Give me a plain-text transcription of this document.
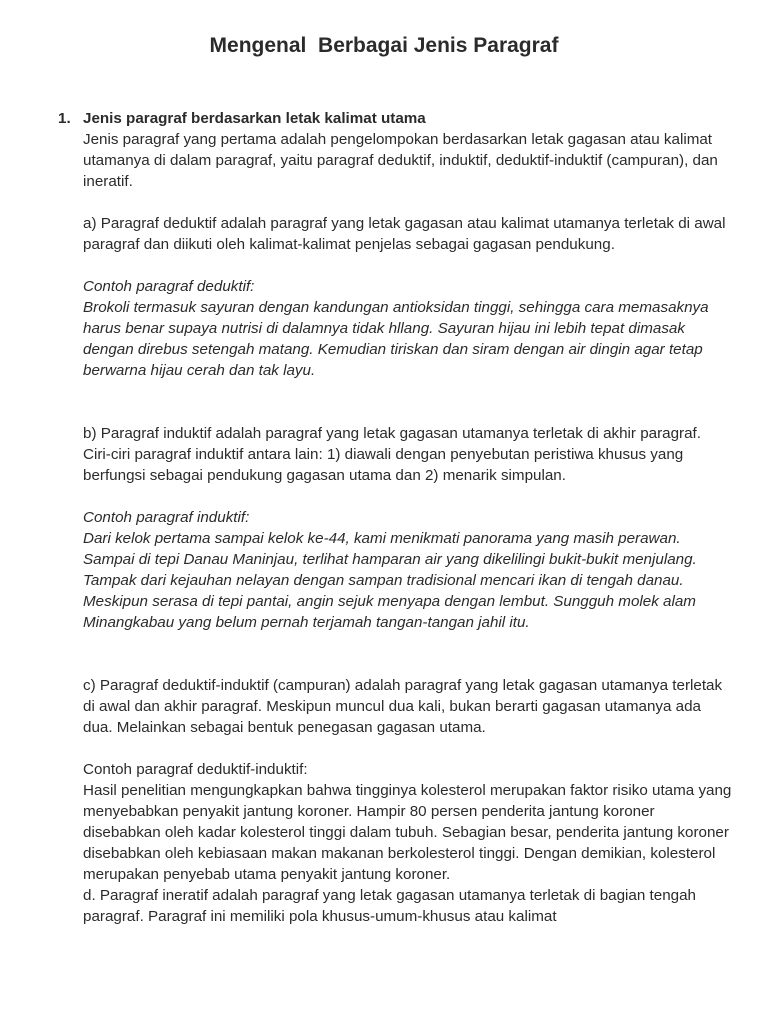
Mengenal  Berbagai Jenis Paragraf
1. Jenis paragraf berdasarkan letak kalimat utama

Jenis paragraf yang pertama adalah pengelompokan berdasarkan letak gagasan atau kalimat utamanya di dalam paragraf, yaitu paragraf deduktif, induktif, deduktif-induktif (campuran), dan ineratif.

a) Paragraf deduktif adalah paragraf yang letak gagasan atau kalimat utamanya terletak di awal paragraf dan diikuti oleh kalimat-kalimat penjelas sebagai gagasan pendukung.

Contoh paragraf deduktif:

Brokoli termasuk sayuran dengan kandungan antioksidan tinggi, sehingga cara memasaknya harus benar supaya nutrisi di dalamnya tidak hllang. Sayuran hijau ini lebih tepat dimasak dengan direbus setengah matang. Kemudian tiriskan dan siram dengan air dingin agar tetap berwarna hijau cerah dan tak layu.

b) Paragraf induktif adalah paragraf yang letak gagasan utamanya terletak di akhir paragraf. Ciri-ciri paragraf induktif antara lain: 1) diawali dengan penyebutan peristiwa khusus yang berfungsi sebagai pendukung gagasan utama dan 2) menarik simpulan.

Contoh paragraf induktif:

Dari kelok pertama sampai kelok ke-44, kami menikmati panorama yang masih perawan. Sampai di tepi Danau Maninjau, terlihat hamparan air yang dikelilingi bukit-bukit menjulang. Tampak dari kejauhan nelayan dengan sampan tradisional mencari ikan di tengah danau. Meskipun serasa di tepi pantai, angin sejuk menyapa dengan lembut. Sungguh molek alam Minangkabau yang belum pernah terjamah tangan-tangan jahil itu.

c) Paragraf deduktif-induktif (campuran) adalah paragraf yang letak gagasan utamanya terletak di awal dan akhir paragraf. Meskipun muncul dua kali, bukan berarti gagasan utamanya ada dua. Melainkan sebagai bentuk penegasan gagasan utama.

Contoh paragraf deduktif-induktif:

Hasil penelitian mengungkapkan bahwa tingginya kolesterol merupakan faktor risiko utama yang menyebabkan penyakit jantung koroner. Hampir 80 persen penderita jantung koroner disebabkan oleh kadar kolesterol tinggi dalam tubuh. Sebagian besar, penderita jantung koroner disebabkan oleh kebiasaan makan makanan berkolesterol tinggi. Dengan demikian, kolesterol merupakan penyebab utama penyakit jantung koroner.

d. Paragraf ineratif adalah paragraf yang letak gagasan utamanya terletak di bagian tengah paragraf. Paragraf ini memiliki pola khusus-umum-khusus atau kalimat
